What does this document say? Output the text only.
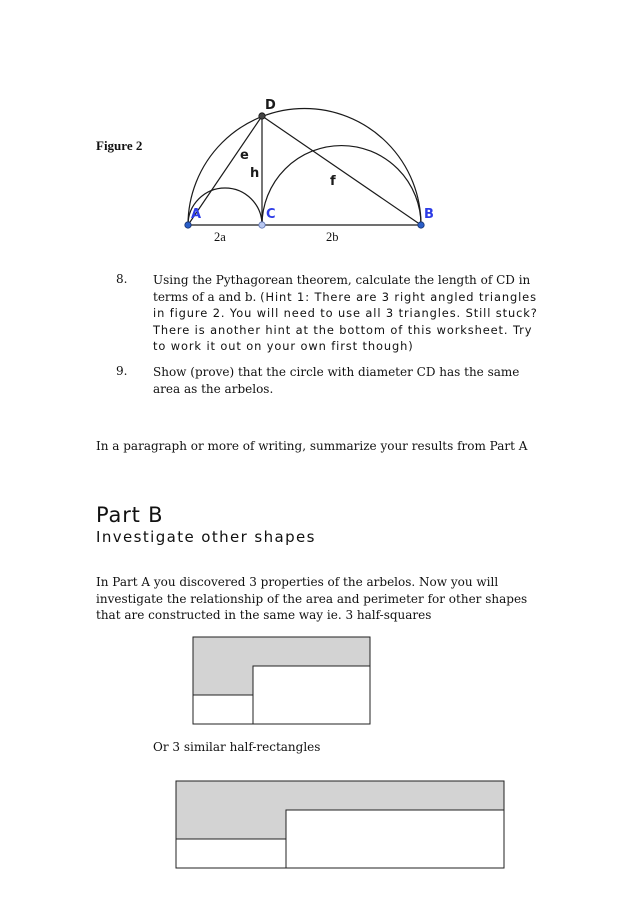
Figure 2
D
e
h
f
A	C	B
2a	2b
8. Using the Pythagorean theorem, calculate the length of CD in terms of a and b. (Hint 1: There are 3 right angled triangles in figure 2. You will need to use all 3 triangles. Still stuck? There is another hint at the bottom of this worksheet. Try to work it out on your own first though)
9. Show (prove) that the circle with diameter CD has the same area as the arbelos.
In a paragraph or more of writing, summarize your results from Part A
Part B
Investigate other shapes
In Part A you discovered 3 properties of the arbelos. Now you will investigate the relationship of the area and perimeter for other shapes that are constructed in the same way ie. 3 half-squares
Or 3 similar half-rectangles
